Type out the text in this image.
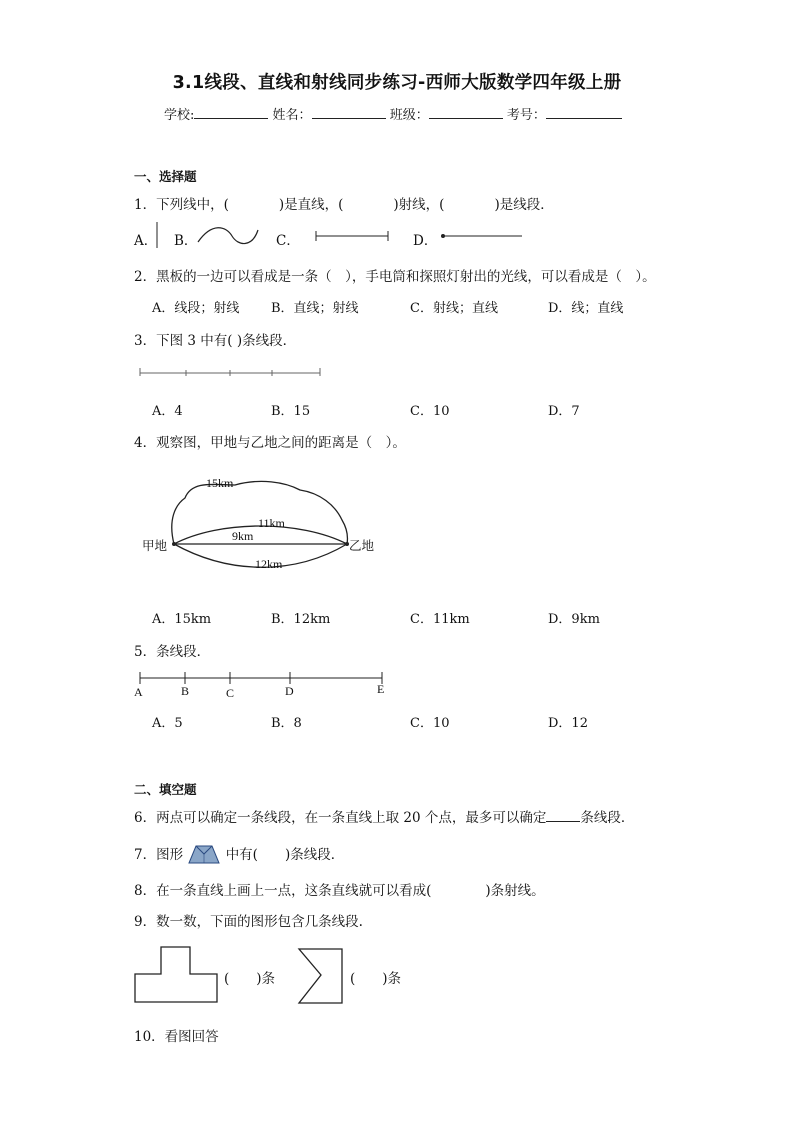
3.1线段、直线和射线同步练习-西师大版数学四年级上册
学校:	姓名：	班级：	考号：
一、选择题
1．下列线中，(	)是直线，(	)射线，(	)是线段．
A． B．	C．	D．
2．黑板的一边可以看成是一条（　），手电筒和探照灯射出的光线，可以看成是（　）。
A．线段；射线 B．直线；射线	C．射线；直线	D．线；直线
3．下图 3 中有( )条线段．
A．4	B．15	C．10	D．7
4．观察图，甲地与乙地之间的距离是（　）。
15km
11km
9km
12km
甲地	乙地
A．15km	B．12km	C．11km	D．9km
5．条线段．
A	B	C	D	E
A．5	B．8	C．10	D．12
二、填空题
6．两点可以确定一条线段，在一条直线上取 20 个点，最多可以确定	条线段．
7．图形	中有(　　)条线段．
8．在一条直线上画上一点，这条直线就可以看成(　　　　)条射线。
9．数一数，下面的图形包含几条线段.
(　　)条	(　　)条
10．看图回答
